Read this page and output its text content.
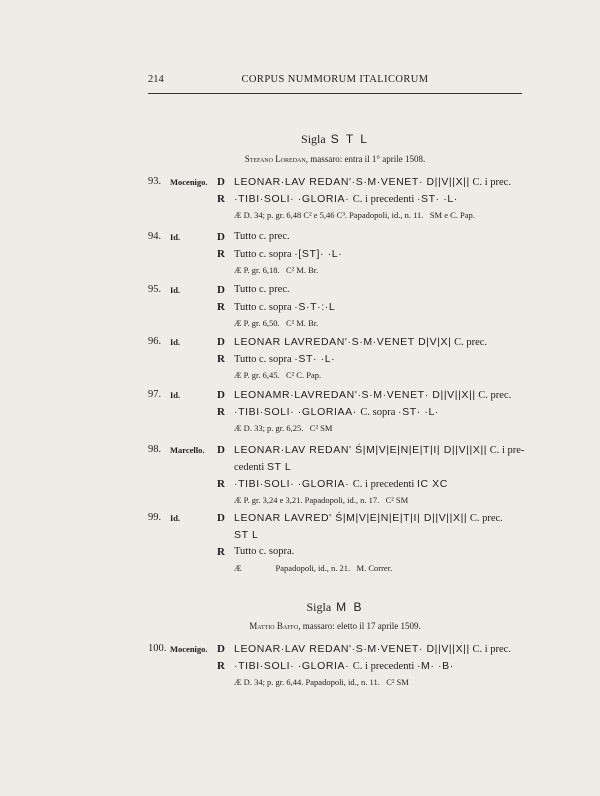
214	CORPUS NUMMORUM ITALICORUM
Sigla S T L
Stefano Loredan, massaro: entra il 1° aprile 1508.
Sigla M B
Mattio Baffo, massaro: eletto il 17 aprile 1509.
93. Mocenigo. D LEONAR·LAV REDAN'·S·M·VENET· D||V||X|| C. i prec.
R ·TIBI·SOLI· ·GLORIA· C. i precedenti ·ST· ·L·
Æ D. 34; p. gr. 6,48 C² e 5,46 C³. Papadopoli, id., n. 11.   SM e C. Pap.
94. Id.	D Tutto c. prec.
R Tutto c. sopra ·[ST]· ·L·
Æ P. gr. 6,18.   C² M. Br.
95. Id.	D Tutto c. prec.
R Tutto c. sopra ·S·T·:·L
Æ P. gr. 6,50.   C² M. Br.
96. Id.	D LEONAR LAVREDAN'·S·M·VENET D|V|X| C. prec.
R Tutto c. sopra ·ST· ·L·
Æ P. gr. 6,45.   C² C. Pap.
97. Id.	D LEONAMR·LAVREDAN'·S·M·VENET· D||V||X|| C. prec.
R ·TIBI·SOLI· ·GLORIAA· C. sopra ·ST· ·L·
Æ D. 33; p. gr. 6,25.   C² SM
98. Marcello. D LEONAR·LAV REDAN' Ś|M|V|E|N|E|T|I| D||V||X|| C. i pre-
cedenti ST L
R ·TIBI·SOLI· ·GLORIA· C. i precedenti IC XC
Æ P. gr. 3,24 e 3,21. Papadopoli, id., n. 17.   C² SM
99. Id.	D LEONAR LAVRED' Ś|M|V|E|N|E|T|I| D||V||X|| C. prec.
ST L
R Tutto c. sopra.
Æ                Papadopoli, id., n. 21.   M. Correr.
100. Mocenigo. D LEONAR·LAV REDAN'·S·M·VENET· D||V||X|| C. i prec.
R ·TIBI·SOLI· ·GLORIA· C. i precedenti ·M· ·B·
Æ D. 34; p. gr. 6,44. Papadopoli, id., n. 11.   C² SM
